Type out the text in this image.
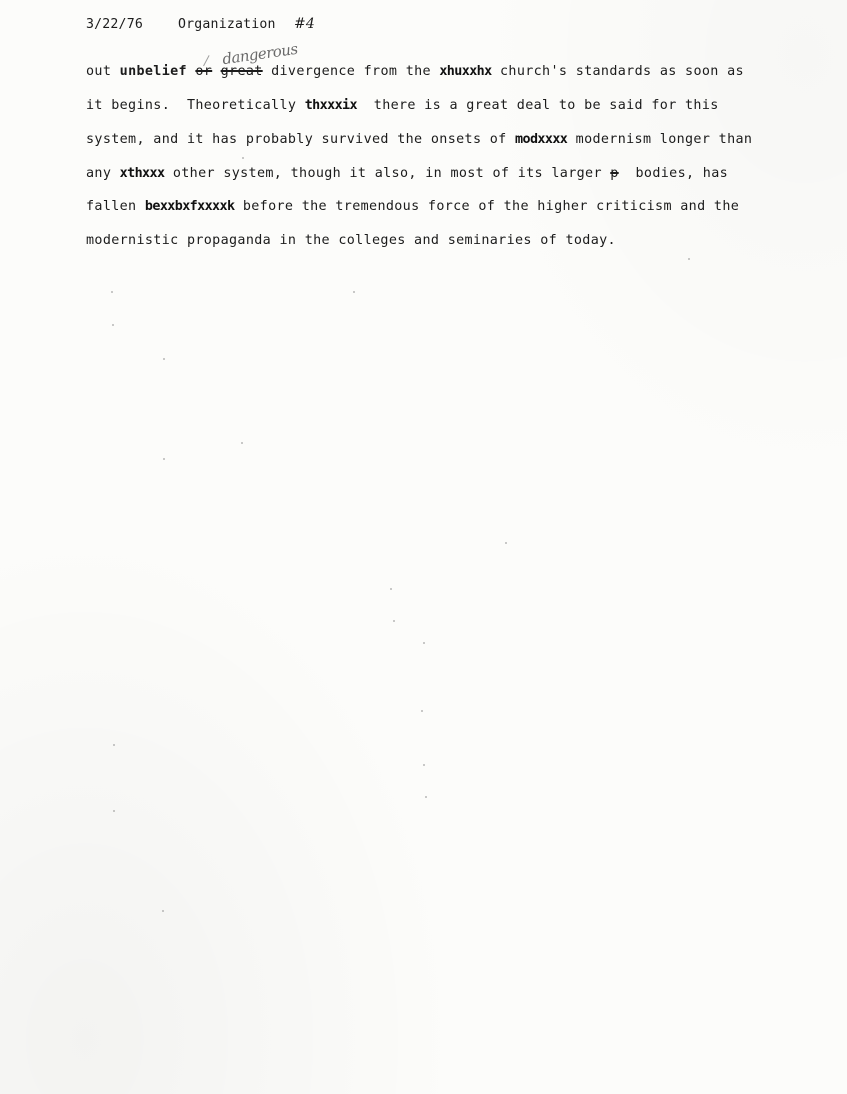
3/22/76	Organization #4
dangerous
out unbelief or great divergence from the xhuxxhx church's standards as soon as
it begins.  Theoretically thxxxix  there is a great deal to be said for this
system, and it has probably survived the onsets of modxxxx modernism longer than
any xthxxx other system, though it also, in most of its larger p  bodies, has
fallen bexxbxfxxxxk before the tremendous force of the higher criticism and the
modernistic propaganda in the colleges and seminaries of today.
